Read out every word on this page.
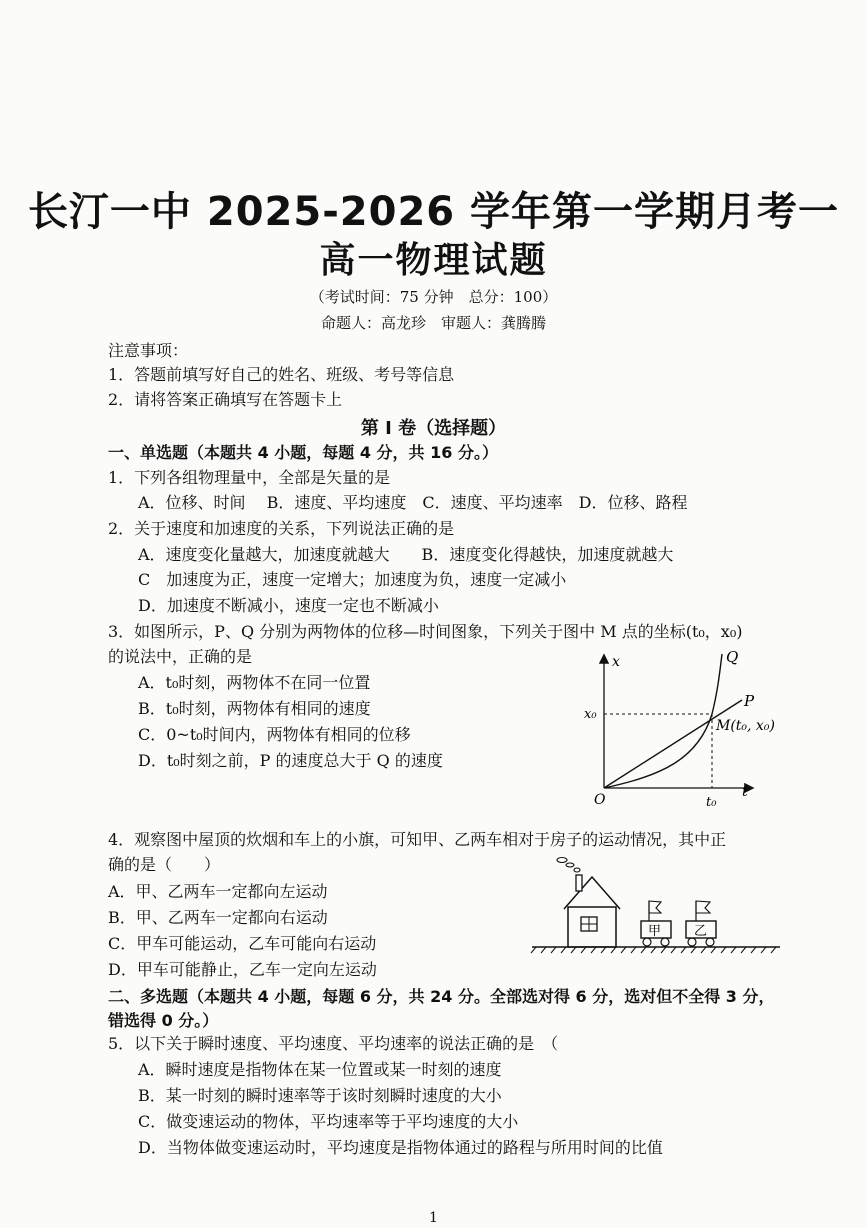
长汀一中 2025-2026 学年第一学期月考一
高一物理试题
（考试时间：75 分钟　总分：100）
命题人：高龙珍　审题人：龚腾腾
注意事项：
1．答题前填写好自己的姓名、班级、考号等信息
2．请将答案正确填写在答题卡上
第 I 卷（选择题）
一、单选题（本题共 4 小题，每题 4 分，共 16 分。）
1．下列各组物理量中，全部是矢量的是
A．位移、时间　 B．速度、平均速度　C．速度、平均速率　D．位移、路程
2．关于速度和加速度的关系，下列说法正确的是
A．速度变化量越大，加速度就越大　　B．速度变化得越快，加速度就越大
C　加速度为正，速度一定增大；加速度为负，速度一定减小
D．加速度不断减小，速度一定也不断减小
3．如图所示，P、Q 分别为两物体的位移—时间图象，下列关于图中 M 点的坐标(t₀，x₀)
的说法中，正确的是
A．t₀时刻，两物体不在同一位置
B．t₀时刻，两物体有相同的速度
C．0~t₀时间内，两物体有相同的位移
D．t₀时刻之前，P 的速度总大于 Q 的速度
x
t
O
x₀
t₀
Q
P
M(t₀, x₀)
4．观察图中屋顶的炊烟和车上的小旗，可知甲、乙两车相对于房子的运动情况，其中正
确的是（　　）
A．甲、乙两车一定都向左运动
B．甲、乙两车一定都向右运动
C．甲车可能运动，乙车可能向右运动
D．甲车可能静止，乙车一定向左运动
甲	乙
二、多选题（本题共 4 小题，每题 6 分，共 24 分。全部选对得 6 分，选对但不全得 3 分，
错选得 0 分。）
5．以下关于瞬时速度、平均速度、平均速率的说法正确的是　（
A．瞬时速度是指物体在某一位置或某一时刻的速度
B．某一时刻的瞬时速率等于该时刻瞬时速度的大小
C．做变速运动的物体，平均速率等于平均速度的大小
D．当物体做变速运动时，平均速度是指物体通过的路程与所用时间的比值
1
